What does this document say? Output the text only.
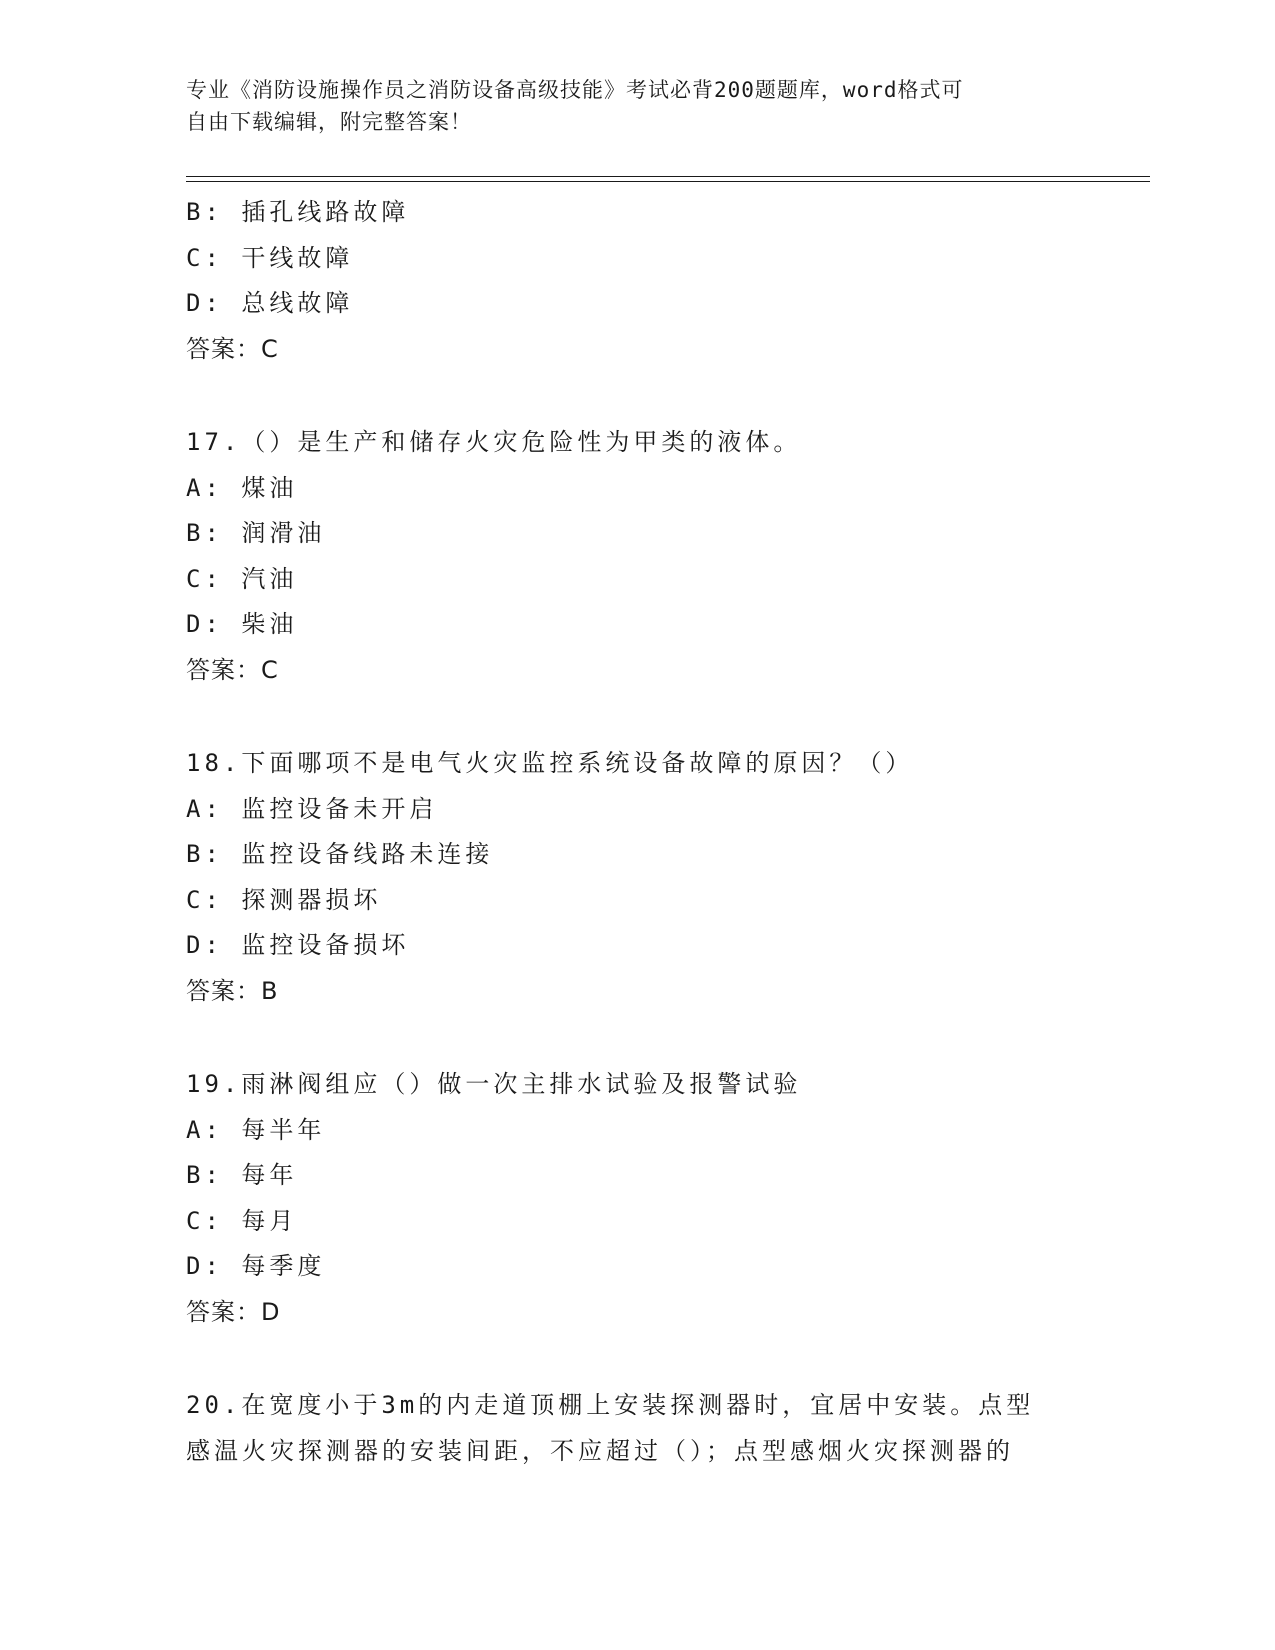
专业《消防设施操作员之消防设备高级技能》考试必背200题题库，word格式可
自由下载编辑，附完整答案！
B: 插孔线路故障
C: 干线故障
D: 总线故障
答案：C
17.（）是生产和储存火灾危险性为甲类的液体。
A: 煤油
B: 润滑油
C: 汽油
D: 柴油
答案：C
18.下面哪项不是电气火灾监控系统设备故障的原因？（）
A: 监控设备未开启
B: 监控设备线路未连接
C: 探测器损坏
D: 监控设备损坏
答案：B
19.雨淋阀组应（）做一次主排水试验及报警试验
A: 每半年
B: 每年
C: 每月
D: 每季度
答案：D
20.在宽度小于3m的内走道顶棚上安装探测器时，宜居中安装。点型
感温火灾探测器的安装间距，不应超过（）；点型感烟火灾探测器的
